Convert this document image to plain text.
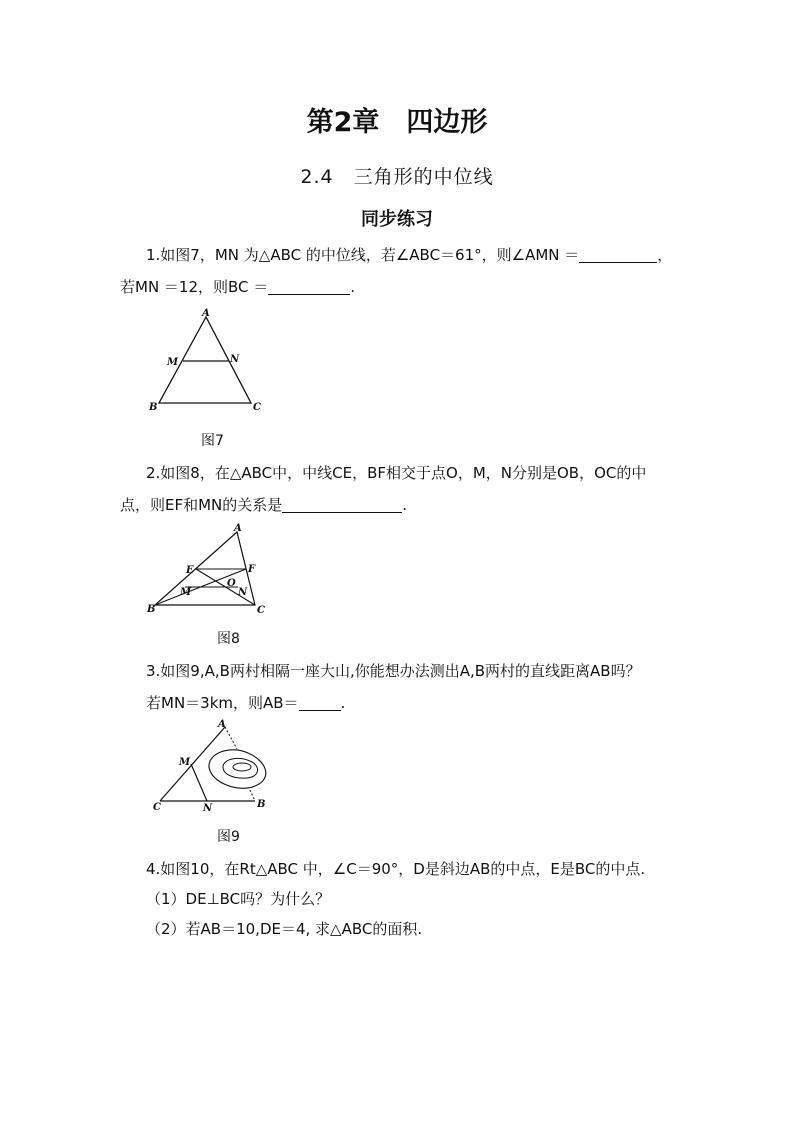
第2章　四边形
2.4　三角形的中位线
同步练习
1.如图7，MN 为△ABC 的中位线，若∠ABC＝61°，则∠AMN ＝	，
若MN ＝12，则BC ＝	.
A
M	N
B	C
图7
2.如图8，在△ABC中，中线CE，BF相交于点O，M，N分别是OB，OC的中
点，则EF和MN的关系是	.
A
E	F
O
M	N
B	C
图8
3.如图9,A,B两村相隔一座大山,你能想办法测出A,B两村的直线距离AB吗？
若MN＝3km，则AB＝	.
A
M
C	N	B
图9
4.如图10，在Rt△ABC 中，∠C＝90°，D是斜边AB的中点，E是BC的中点.
（1）DE⊥BC吗？为什么？
（2）若AB＝10,DE＝4, 求△ABC的面积.
